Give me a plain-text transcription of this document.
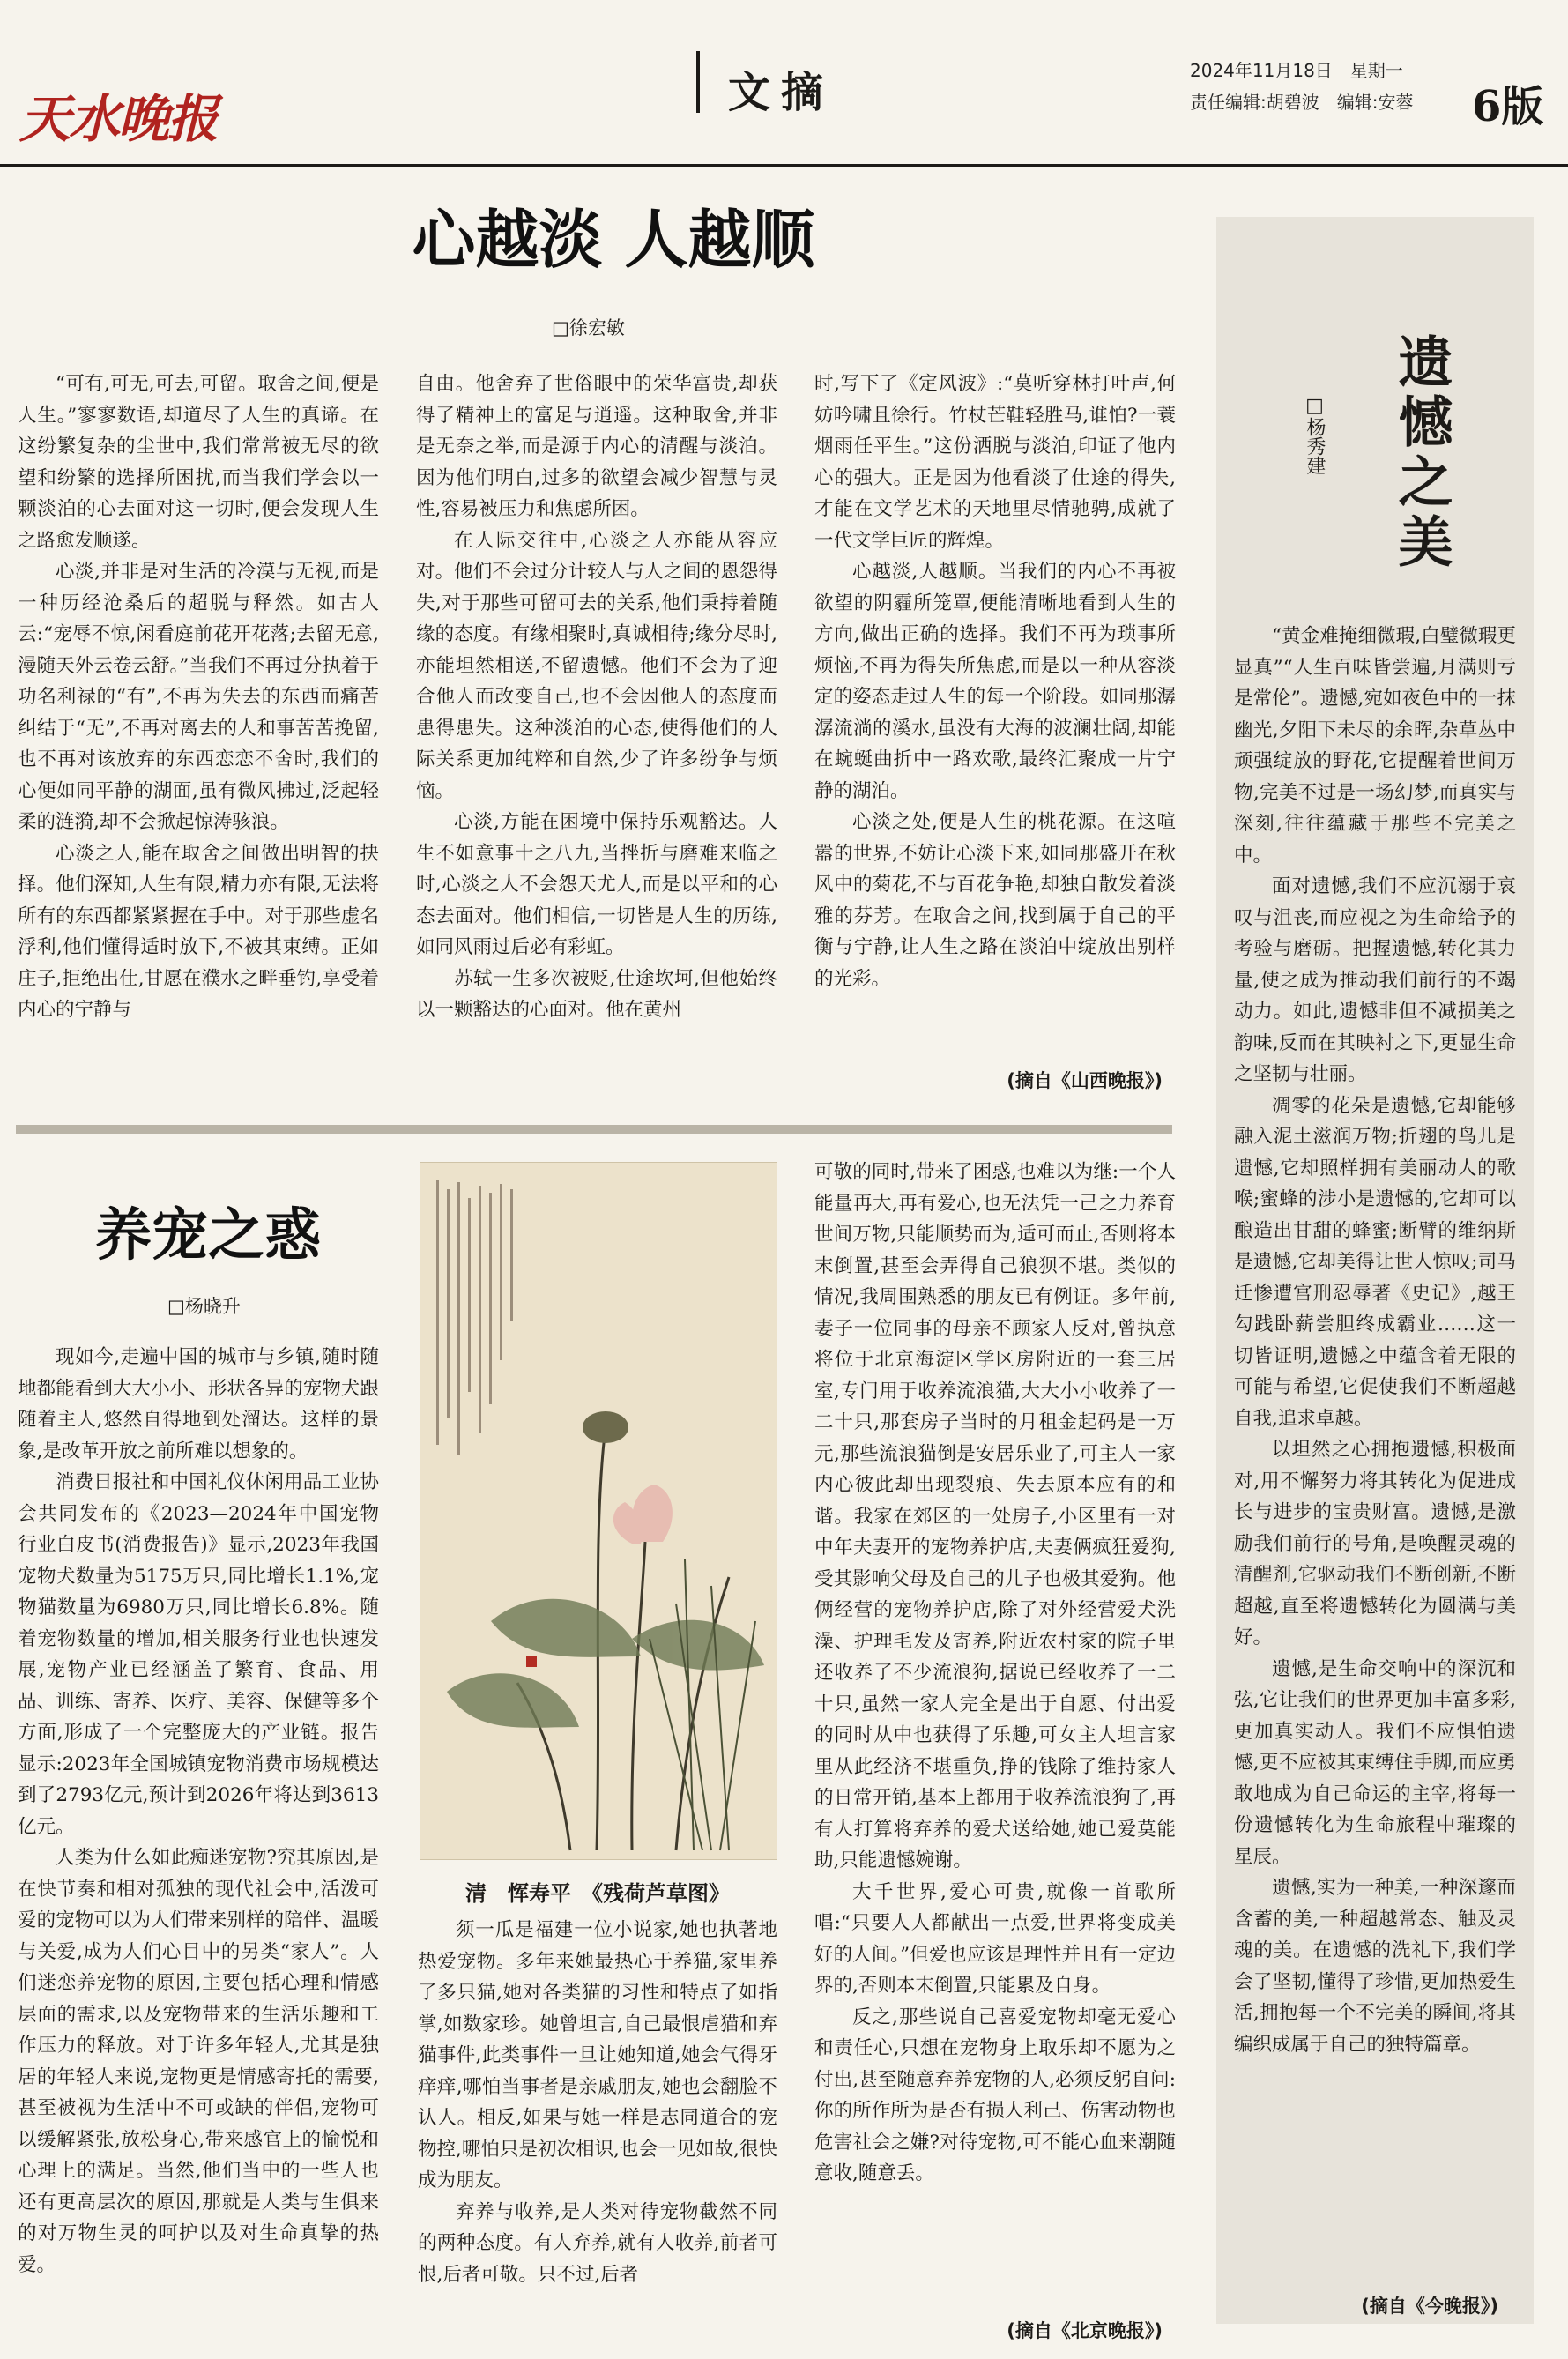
天水晚报	文摘	2024年11月18日　星期一
责任编辑:胡碧波　编辑:安蓉 6版
心越淡 人越顺
□徐宏敏

“可有,可无,可去,可留。取舍之间,便是人生。”寥寥数语,却道尽了人生的真谛。在这纷繁复杂的尘世中,我们常常被无尽的欲望和纷繁的选择所困扰,而当我们学会以一颗淡泊的心去面对这一切时,便会发现人生之路愈发顺遂。

心淡,并非是对生活的冷漠与无视,而是一种历经沧桑后的超脱与释然。如古人云:“宠辱不惊,闲看庭前花开花落;去留无意,漫随天外云卷云舒。”当我们不再过分执着于功名利禄的“有”,不再为失去的东西而痛苦纠结于“无”,不再对离去的人和事苦苦挽留,也不再对该放弃的东西恋恋不舍时,我们的心便如同平静的湖面,虽有微风拂过,泛起轻柔的涟漪,却不会掀起惊涛骇浪。

心淡之人,能在取舍之间做出明智的抉择。他们深知,人生有限,精力亦有限,无法将所有的东西都紧紧握在手中。对于那些虚名浮利,他们懂得适时放下,不被其束缚。正如庄子,拒绝出仕,甘愿在濮水之畔垂钓,享受着内心的宁静与

自由。他舍弃了世俗眼中的荣华富贵,却获得了精神上的富足与逍遥。这种取舍,并非是无奈之举,而是源于内心的清醒与淡泊。因为他们明白,过多的欲望会减少智慧与灵性,容易被压力和焦虑所困。

在人际交往中,心淡之人亦能从容应对。他们不会过分计较人与人之间的恩怨得失,对于那些可留可去的关系,他们秉持着随缘的态度。有缘相聚时,真诚相待;缘分尽时,亦能坦然相送,不留遗憾。他们不会为了迎合他人而改变自己,也不会因他人的态度而患得患失。这种淡泊的心态,使得他们的人际关系更加纯粹和自然,少了许多纷争与烦恼。

心淡,方能在困境中保持乐观豁达。人生不如意事十之八九,当挫折与磨难来临之时,心淡之人不会怨天尤人,而是以平和的心态去面对。他们相信,一切皆是人生的历练,如同风雨过后必有彩虹。

苏轼一生多次被贬,仕途坎坷,但他始终以一颗豁达的心面对。他在黄州

时,写下了《定风波》:“莫听穿林打叶声,何妨吟啸且徐行。竹杖芒鞋轻胜马,谁怕?一蓑烟雨任平生。”这份洒脱与淡泊,印证了他内心的强大。正是因为他看淡了仕途的得失,才能在文学艺术的天地里尽情驰骋,成就了一代文学巨匠的辉煌。

心越淡,人越顺。当我们的内心不再被欲望的阴霾所笼罩,便能清晰地看到人生的方向,做出正确的选择。我们不再为琐事所烦恼,不再为得失所焦虑,而是以一种从容淡定的姿态走过人生的每一个阶段。如同那潺潺流淌的溪水,虽没有大海的波澜壮阔,却能在蜿蜒曲折中一路欢歌,最终汇聚成一片宁静的湖泊。

心淡之处,便是人生的桃花源。在这喧嚣的世界,不妨让心淡下来,如同那盛开在秋风中的菊花,不与百花争艳,却独自散发着淡雅的芬芳。在取舍之间,找到属于自己的平衡与宁静,让人生之路在淡泊中绽放出别样的光彩。

(摘自《山西晚报》)
养宠之惑
□杨晓升

现如今,走遍中国的城市与乡镇,随时随地都能看到大大小小、形状各异的宠物犬跟随着主人,悠然自得地到处溜达。这样的景象,是改革开放之前所难以想象的。

消费日报社和中国礼仪休闲用品工业协会共同发布的《2023—2024年中国宠物行业白皮书(消费报告)》显示,2023年我国宠物犬数量为5175万只,同比增长1.1%,宠物猫数量为6980万只,同比增长6.8%。随着宠物数量的增加,相关服务行业也快速发展,宠物产业已经涵盖了繁育、食品、用品、训练、寄养、医疗、美容、保健等多个方面,形成了一个完整庞大的产业链。报告显示:2023年全国城镇宠物消费市场规模达到了2793亿元,预计到2026年将达到3613亿元。

人类为什么如此痴迷宠物?究其原因,是在快节奏和相对孤独的现代社会中,活泼可爱的宠物可以为人们带来别样的陪伴、温暖与关爱,成为人们心目中的另类“家人”。人们迷恋养宠物的原因,主要包括心理和情感层面的需求,以及宠物带来的生活乐趣和工作压力的释放。对于许多年轻人,尤其是独居的年轻人来说,宠物更是情感寄托的需要,甚至被视为生活中不可或缺的伴侣,宠物可以缓解紧张,放松身心,带来感官上的愉悦和心理上的满足。当然,他们当中的一些人也还有更高层次的原因,那就是人类与生俱来的对万物生灵的呵护以及对生命真挚的热爱。

清　恽寿平　《残荷芦草图》

须一瓜是福建一位小说家,她也执著地热爱宠物。多年来她最热心于养猫,家里养了多只猫,她对各类猫的习性和特点了如指掌,如数家珍。她曾坦言,自己最恨虐猫和弃猫事件,此类事件一旦让她知道,她会气得牙痒痒,哪怕当事者是亲戚朋友,她也会翻脸不认人。相反,如果与她一样是志同道合的宠物控,哪怕只是初次相识,也会一见如故,很快成为朋友。

弃养与收养,是人类对待宠物截然不同的两种态度。有人弃养,就有人收养,前者可恨,后者可敬。只不过,后者

可敬的同时,带来了困惑,也难以为继:一个人能量再大,再有爱心,也无法凭一己之力养育世间万物,只能顺势而为,适可而止,否则将本末倒置,甚至会弄得自己狼狈不堪。类似的情况,我周围熟悉的朋友已有例证。多年前,妻子一位同事的母亲不顾家人反对,曾执意将位于北京海淀区学区房附近的一套三居室,专门用于收养流浪猫,大大小小收养了一二十只,那套房子当时的月租金起码是一万元,那些流浪猫倒是安居乐业了,可主人一家内心彼此却出现裂痕、失去原本应有的和谐。我家在郊区的一处房子,小区里有一对中年夫妻开的宠物养护店,夫妻俩疯狂爱狗,受其影响父母及自己的儿子也极其爱狗。他俩经营的宠物养护店,除了对外经营爱犬洗澡、护理毛发及寄养,附近农村家的院子里还收养了不少流浪狗,据说已经收养了一二十只,虽然一家人完全是出于自愿、付出爱的同时从中也获得了乐趣,可女主人坦言家里从此经济不堪重负,挣的钱除了维持家人的日常开销,基本上都用于收养流浪狗了,再有人打算将弃养的爱犬送给她,她已爱莫能助,只能遗憾婉谢。

大千世界,爱心可贵,就像一首歌所唱:“只要人人都献出一点爱,世界将变成美好的人间。”但爱也应该是理性并且有一定边界的,否则本末倒置,只能累及自身。

反之,那些说自己喜爱宠物却毫无爱心和责任心,只想在宠物身上取乐却不愿为之付出,甚至随意弃养宠物的人,必须反躬自问:你的所作所为是否有损人利己、伤害动物也危害社会之嫌?对待宠物,可不能心血来潮随意收,随意丢。

(摘自《北京晚报》)
遗憾之美
□杨秀建

“黄金难掩细微瑕,白璧微瑕更显真”“人生百味皆尝遍,月满则亏是常伦”。遗憾,宛如夜色中的一抹幽光,夕阳下未尽的余晖,杂草丛中顽强绽放的野花,它提醒着世间万物,完美不过是一场幻梦,而真实与深刻,往往蕴藏于那些不完美之中。

面对遗憾,我们不应沉溺于哀叹与沮丧,而应视之为生命给予的考验与磨砺。把握遗憾,转化其力量,使之成为推动我们前行的不竭动力。如此,遗憾非但不减损美之韵味,反而在其映衬之下,更显生命之坚韧与壮丽。

凋零的花朵是遗憾,它却能够融入泥土滋润万物;折翅的鸟儿是遗憾,它却照样拥有美丽动人的歌喉;蜜蜂的涉小是遗憾的,它却可以酿造出甘甜的蜂蜜;断臂的维纳斯是遗憾,它却美得让世人惊叹;司马迁惨遭宫刑忍辱著《史记》,越王勾践卧薪尝胆终成霸业……这一切皆证明,遗憾之中蕴含着无限的可能与希望,它促使我们不断超越自我,追求卓越。

以坦然之心拥抱遗憾,积极面对,用不懈努力将其转化为促进成长与进步的宝贵财富。遗憾,是激励我们前行的号角,是唤醒灵魂的清醒剂,它驱动我们不断创新,不断超越,直至将遗憾转化为圆满与美好。

遗憾,是生命交响中的深沉和弦,它让我们的世界更加丰富多彩,更加真实动人。我们不应惧怕遗憾,更不应被其束缚住手脚,而应勇敢地成为自己命运的主宰,将每一份遗憾转化为生命旅程中璀璨的星辰。

遗憾,实为一种美,一种深邃而含蓄的美,一种超越常态、触及灵魂的美。在遗憾的洗礼下,我们学会了坚韧,懂得了珍惜,更加热爱生活,拥抱每一个不完美的瞬间,将其编织成属于自己的独特篇章。

(摘自《今晚报》)
